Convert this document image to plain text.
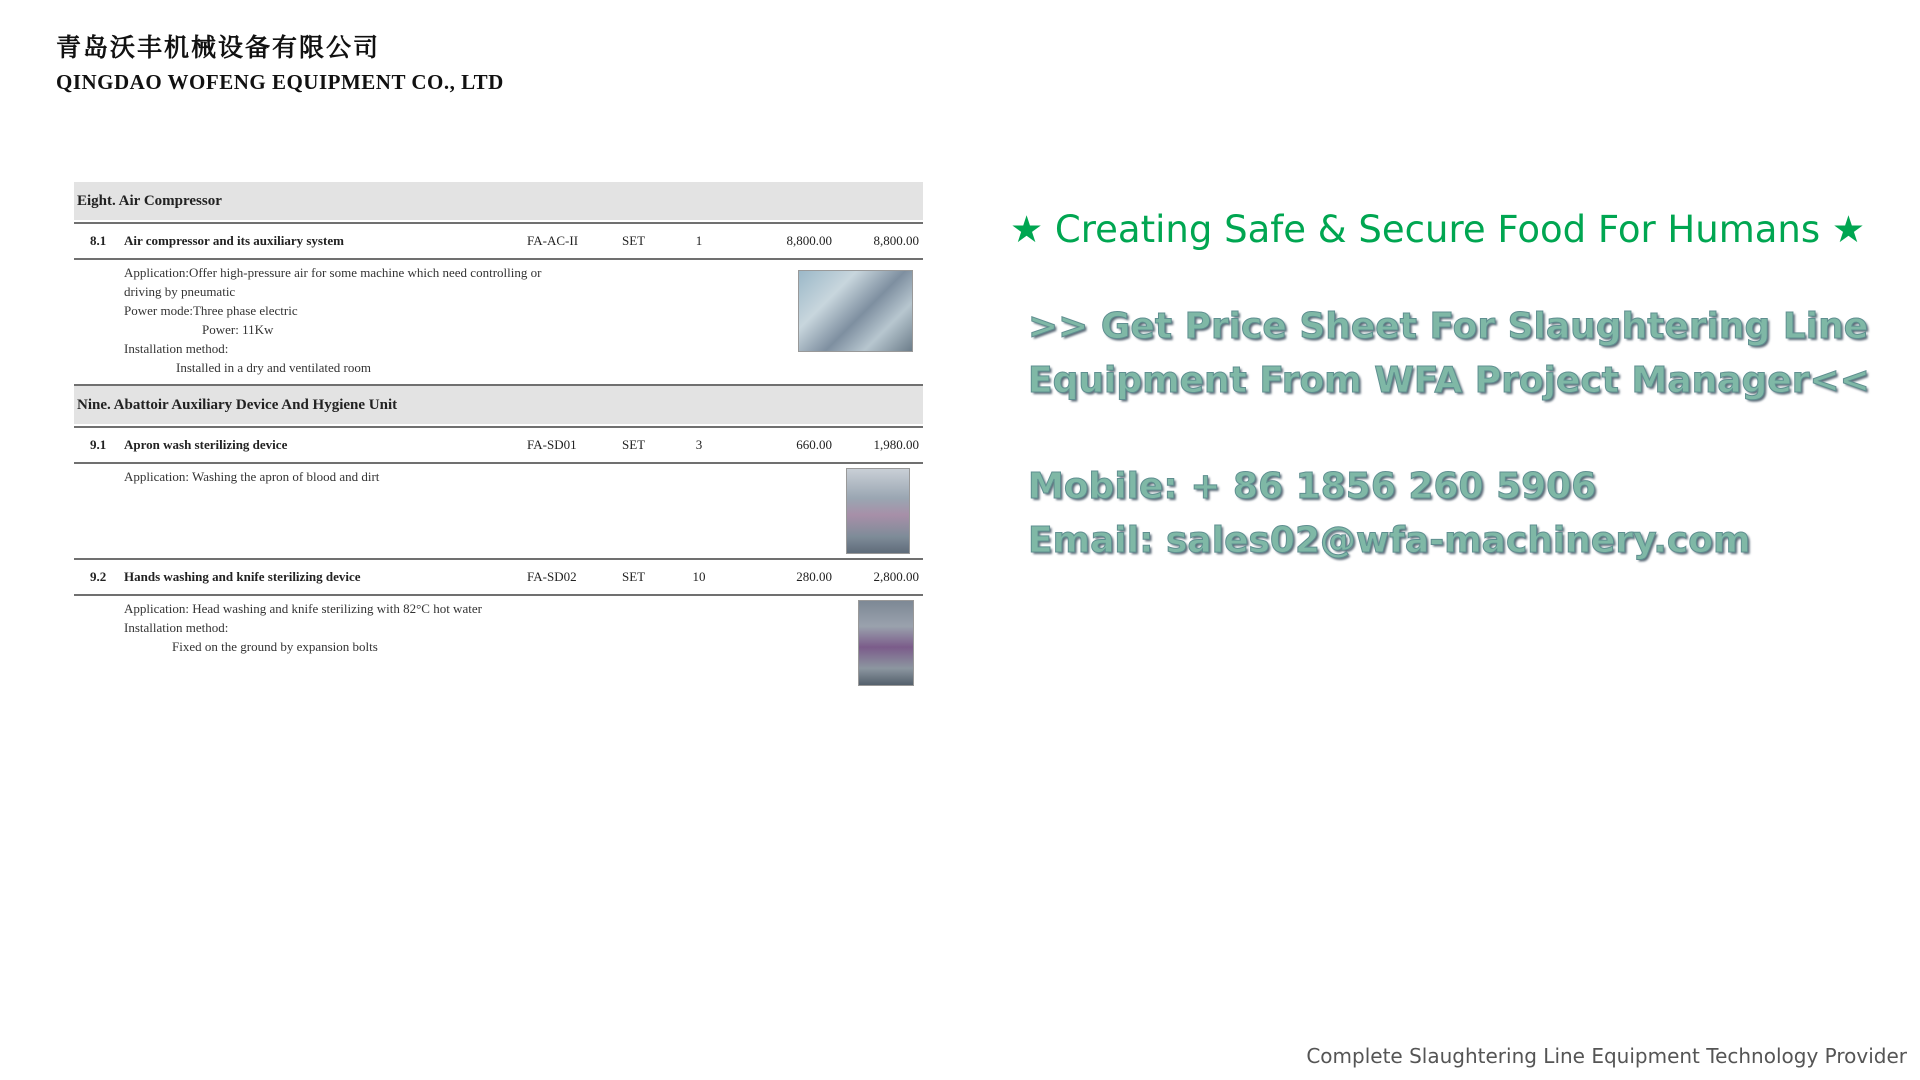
青岛沃丰机械设备有限公司
QINGDAO WOFENG EQUIPMENT CO., LTD
Eight. Air Compressor
8.1 Air compressor and its auxiliary system	FA-AC-II	SET	1	8,800.00	8,800.00
Application:Offer high-pressure air for some machine which need controlling or
driving by pneumatic
Power mode:Three phase electric
Power: 11Kw
Installation method:
Installed in a dry and ventilated room
Nine. Abattoir Auxiliary Device And Hygiene Unit
9.1 Apron wash sterilizing device	FA-SD01	SET	3	660.00	1,980.00
Application: Washing the apron of blood and dirt
9.2 Hands washing and knife sterilizing device	FA-SD02	SET	10	280.00	2,800.00
Application: Head washing and knife sterilizing with 82°C hot water
Installation method:
Fixed on the ground by expansion bolts
★ Creating Safe & Secure Food For Humans ★
>> Get Price Sheet For Slaughtering Line
Equipment From WFA Project Manager<<
Mobile: + 86 1856 260 5906
Email: sales02@wfa-machinery.com
Complete Slaughtering Line Equipment Technology Provider
